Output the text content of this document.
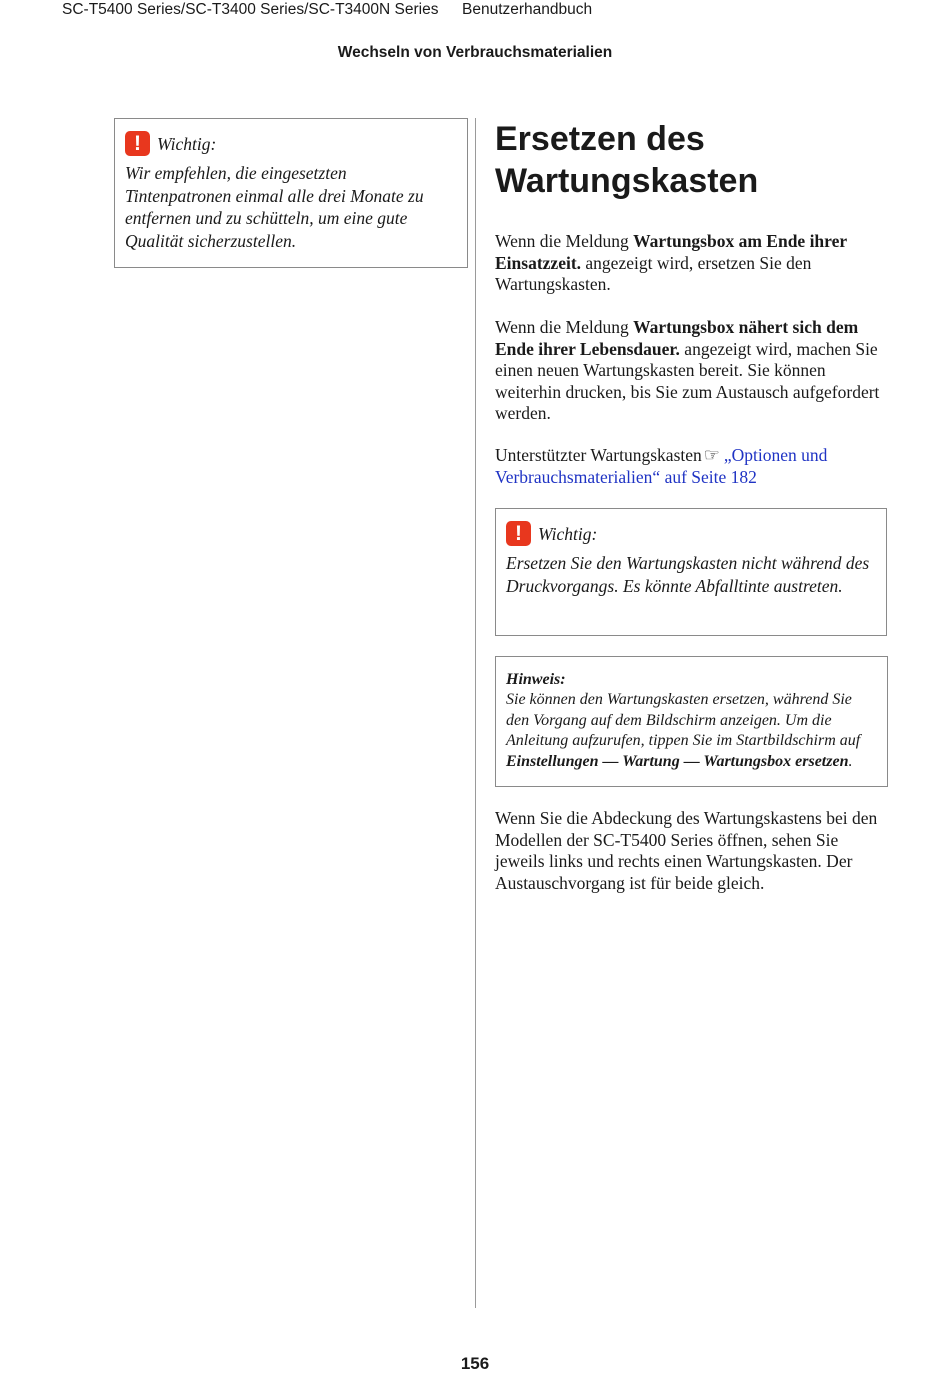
SC-T5400 Series/SC-T3400 Series/SC-T3400N Series Benutzerhandbuch
Wechseln von Verbrauchsmaterialien
! Wichtig:

Wir empfehlen, die eingesetzten Tintenpatronen einmal alle drei Monate zu entfernen und zu schütteln, um eine gute Qualität sicherzustellen.

Ersetzen des Wartungskasten

Wenn die Meldung Wartungsbox am Ende ihrer Einsatzzeit. angezeigt wird, ersetzen Sie den Wartungskasten.

Wenn die Meldung Wartungsbox nähert sich dem Ende ihrer Lebensdauer. angezeigt wird, machen Sie einen neuen Wartungskasten bereit. Sie können weiterhin drucken, bis Sie zum Austausch aufgefordert werden.

Unterstützter Wartungskasten ☞ „Optionen und Verbrauchsmaterialien“ auf Seite 182

! Wichtig:

Ersetzen Sie den Wartungskasten nicht während des Druckvorgangs. Es könnte Abfalltinte austreten.

Hinweis:

Sie können den Wartungskasten ersetzen, während Sie den Vorgang auf dem Bildschirm anzeigen. Um die Anleitung aufzurufen, tippen Sie im Startbildschirm auf Einstellungen — Wartung — Wartungsbox ersetzen.

Wenn Sie die Abdeckung des Wartungskastens bei den Modellen der SC-T5400 Series öffnen, sehen Sie jeweils links und rechts einen Wartungskasten. Der Austauschvorgang ist für beide gleich.

156
